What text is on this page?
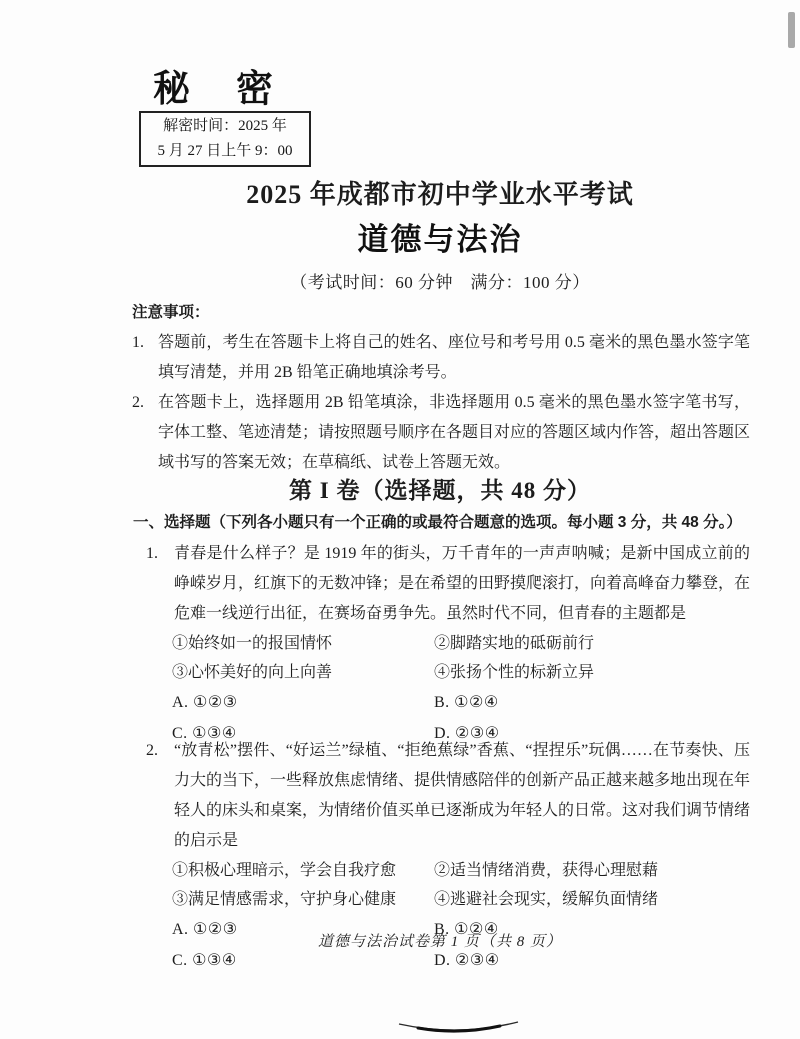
秘密
解密时间：2025 年
5 月 27 日上午 9：00
2025 年成都市初中学业水平考试
道德与法治
（考试时间：60 分钟　满分：100 分）
注意事项：
1. 答题前，考生在答题卡上将自己的姓名、座位号和考号用 0.5 毫米的黑色墨水签字笔填写清楚，并用 2B 铅笔正确地填涂考号。
2. 在答题卡上，选择题用 2B 铅笔填涂，非选择题用 0.5 毫米的黑色墨水签字笔书写，字体工整、笔迹清楚；请按照题号顺序在各题目对应的答题区域内作答，超出答题区域书写的答案无效；在草稿纸、试卷上答题无效。
第 I 卷（选择题，共 48 分）
一、选择题（下列各小题只有一个正确的或最符合题意的选项。每小题 3 分，共 48 分。）
1.	青春是什么样子？是 1919 年的街头，万千青年的一声声呐喊；是新中国成立前的峥嵘岁月，红旗下的无数冲锋；是在希望的田野摸爬滚打，向着高峰奋力攀登，在危难一线逆行出征，在赛场奋勇争先。虽然时代不同，但青春的主题都是
①始终如一的报国情怀	②脚踏实地的砥砺前行
③心怀美好的向上向善	④张扬个性的标新立异
A. ①②③	B. ①②④
C. ①③④	D. ②③④
2.	“放青松”摆件、“好运兰”绿植、“拒绝蕉绿”香蕉、“捏捏乐”玩偶……在节奏快、压力大的当下，一些释放焦虑情绪、提供情感陪伴的创新产品正越来越多地出现在年轻人的床头和桌案，为情绪价值买单已逐渐成为年轻人的日常。这对我们调节情绪的启示是
①积极心理暗示，学会自我疗愈	②适当情绪消费，获得心理慰藉
③满足情感需求，守护身心健康	④逃避社会现实，缓解负面情绪
A. ①②③	B. ①②④
C. ①③④	D. ②③④
道德与法治试卷第 1 页（共 8 页）
